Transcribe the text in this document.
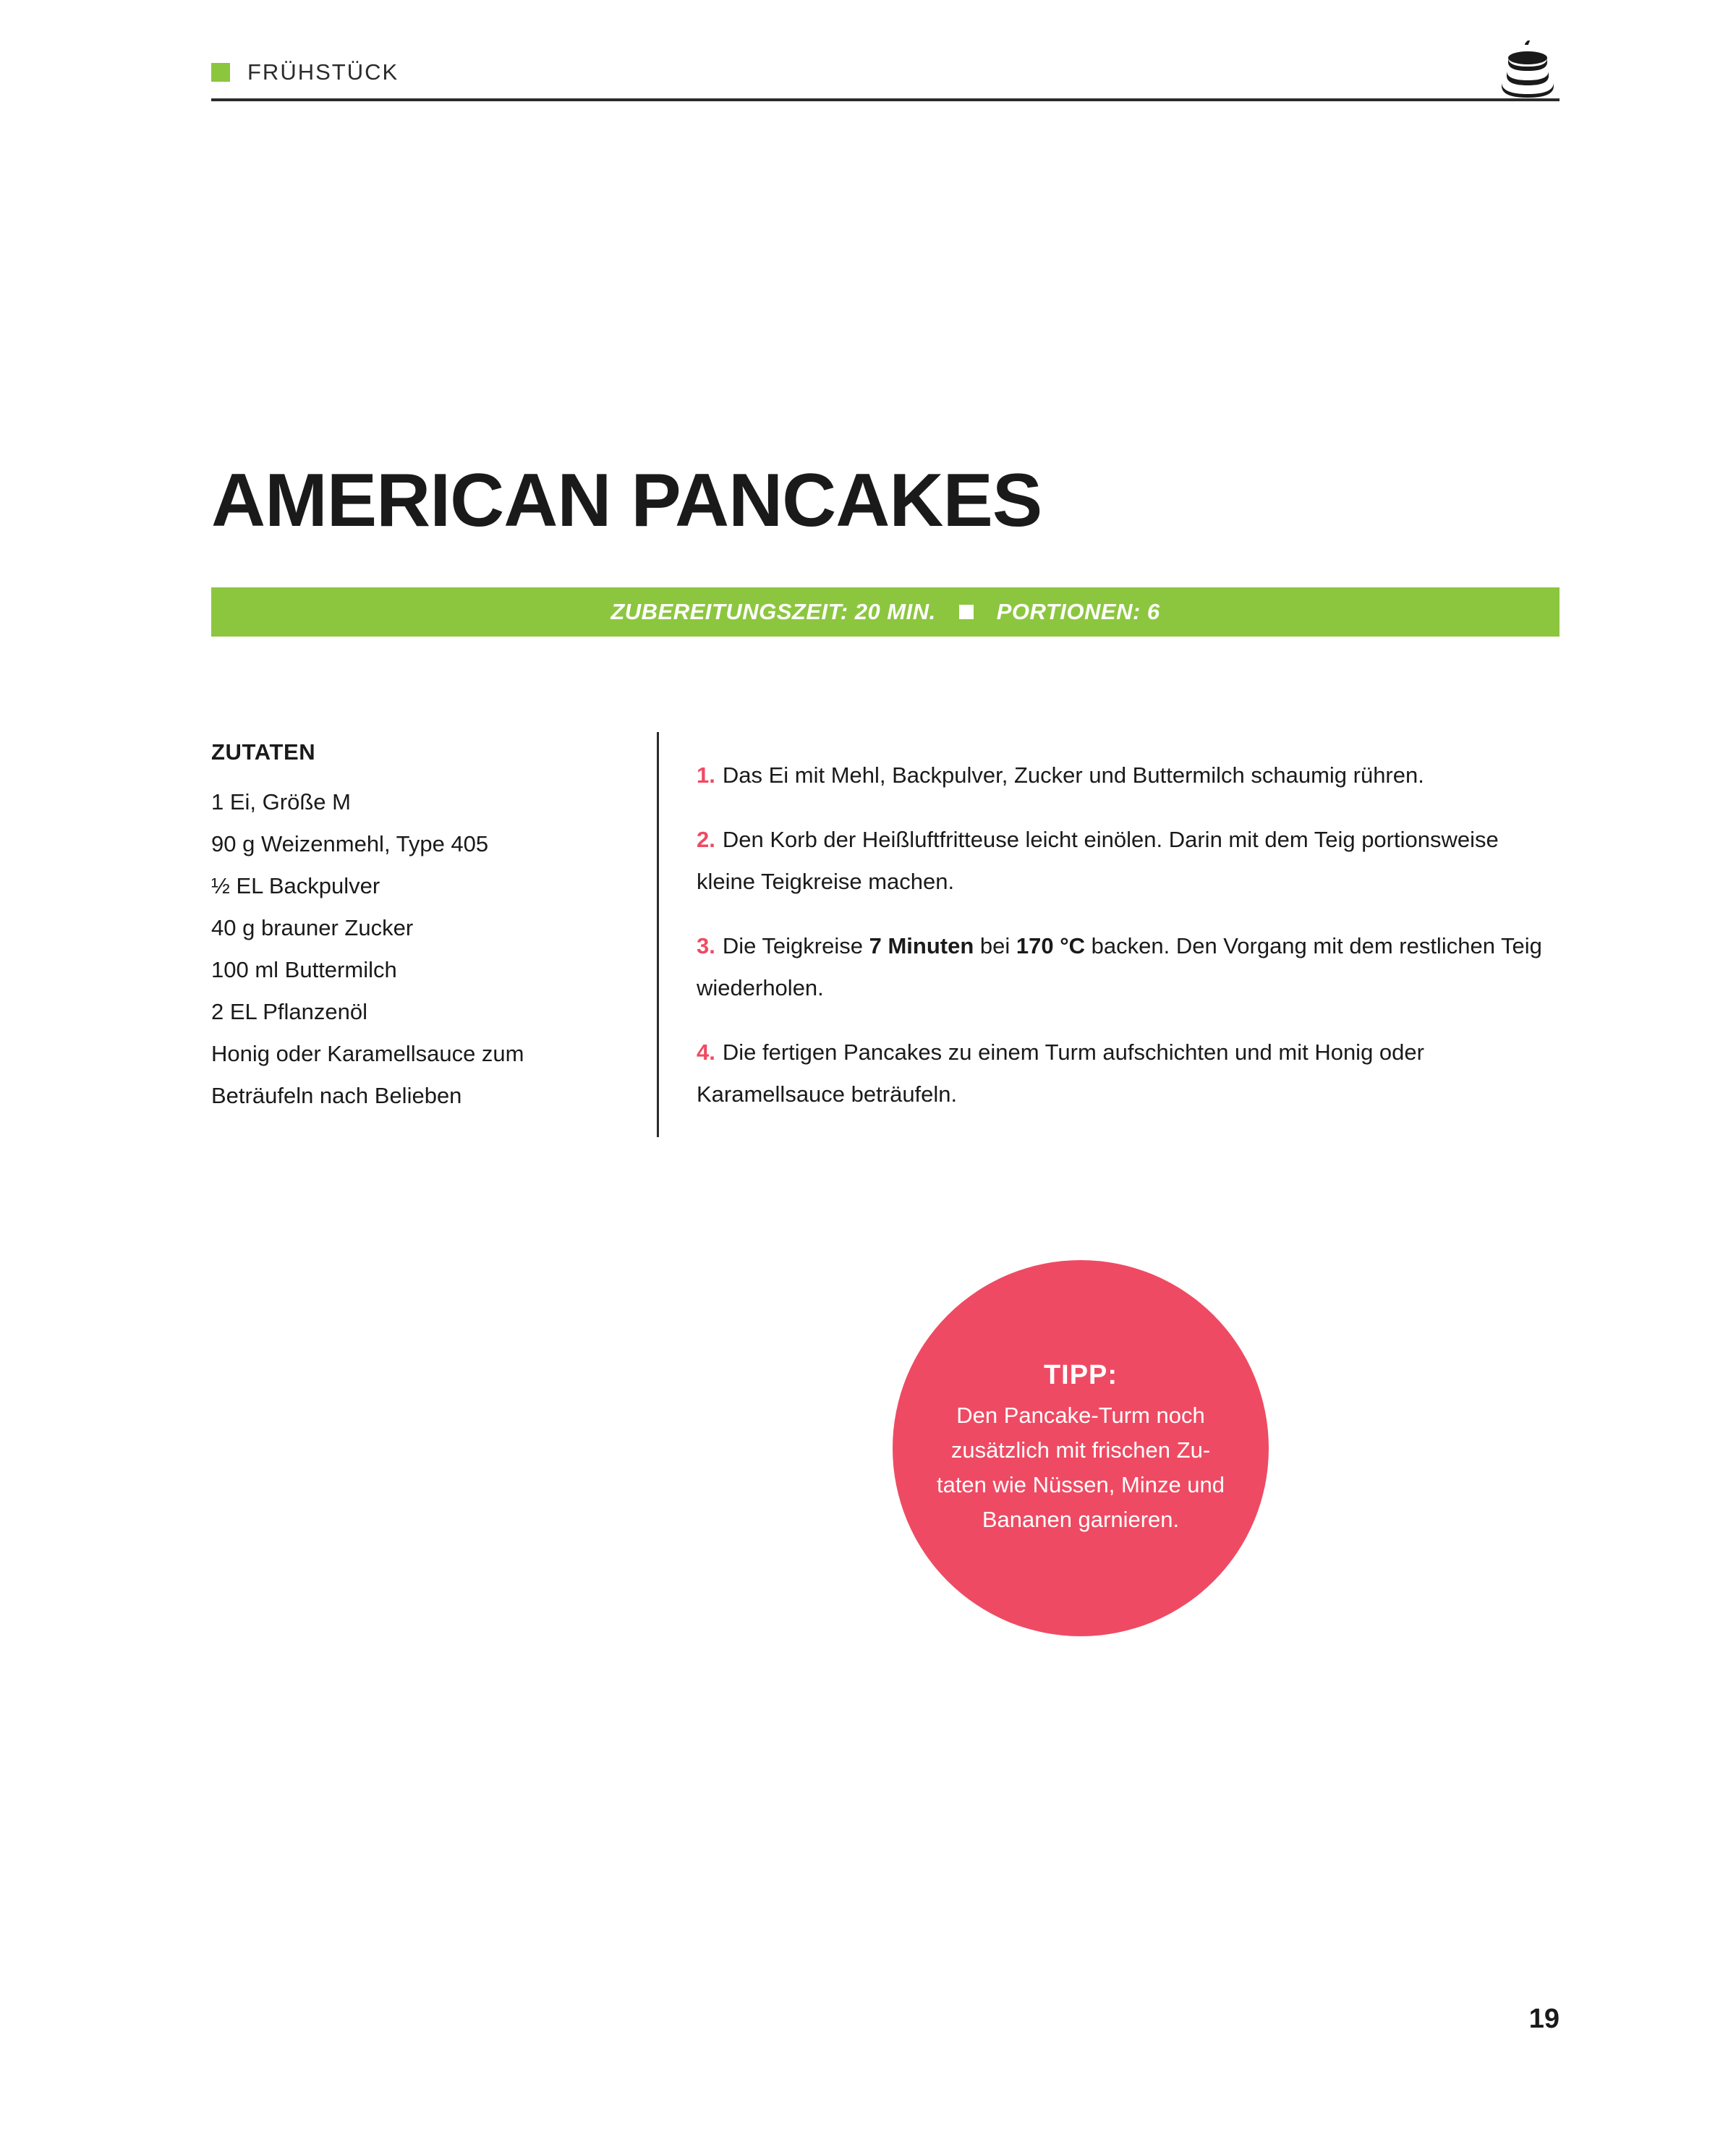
FRÜHSTÜCK
AMERICAN PANCAKES
ZUBEREITUNGSZEIT: 20 MIN.	PORTIONEN: 6
ZUTATEN
1 Ei, Größe M
90 g Weizenmehl, Type 405
½ EL Backpulver
40 g brauner Zucker
100 ml Buttermilch
2 EL Pflanzenöl
Honig oder Karamellsauce zum
Beträufeln nach Belieben

1. Das Ei mit Mehl, Backpulver, Zucker und Buttermilch schaumig rühren.

2. Den Korb der Heißluftfritteuse leicht einölen. Darin mit dem Teig portionsweise kleine Teigkreise machen.

3. Die Teigkreise 7 Minuten bei 170 °C backen. Den Vorgang mit dem restlichen Teig wiederholen.

4. Die fertigen Pancakes zu einem Turm aufschichten und mit Honig oder Karamellsauce beträufeln.

TIPP:
Den Pancake-Turm noch zusätzlich mit frischen Zu-taten wie Nüssen, Minze und Bananen garnieren.
19
